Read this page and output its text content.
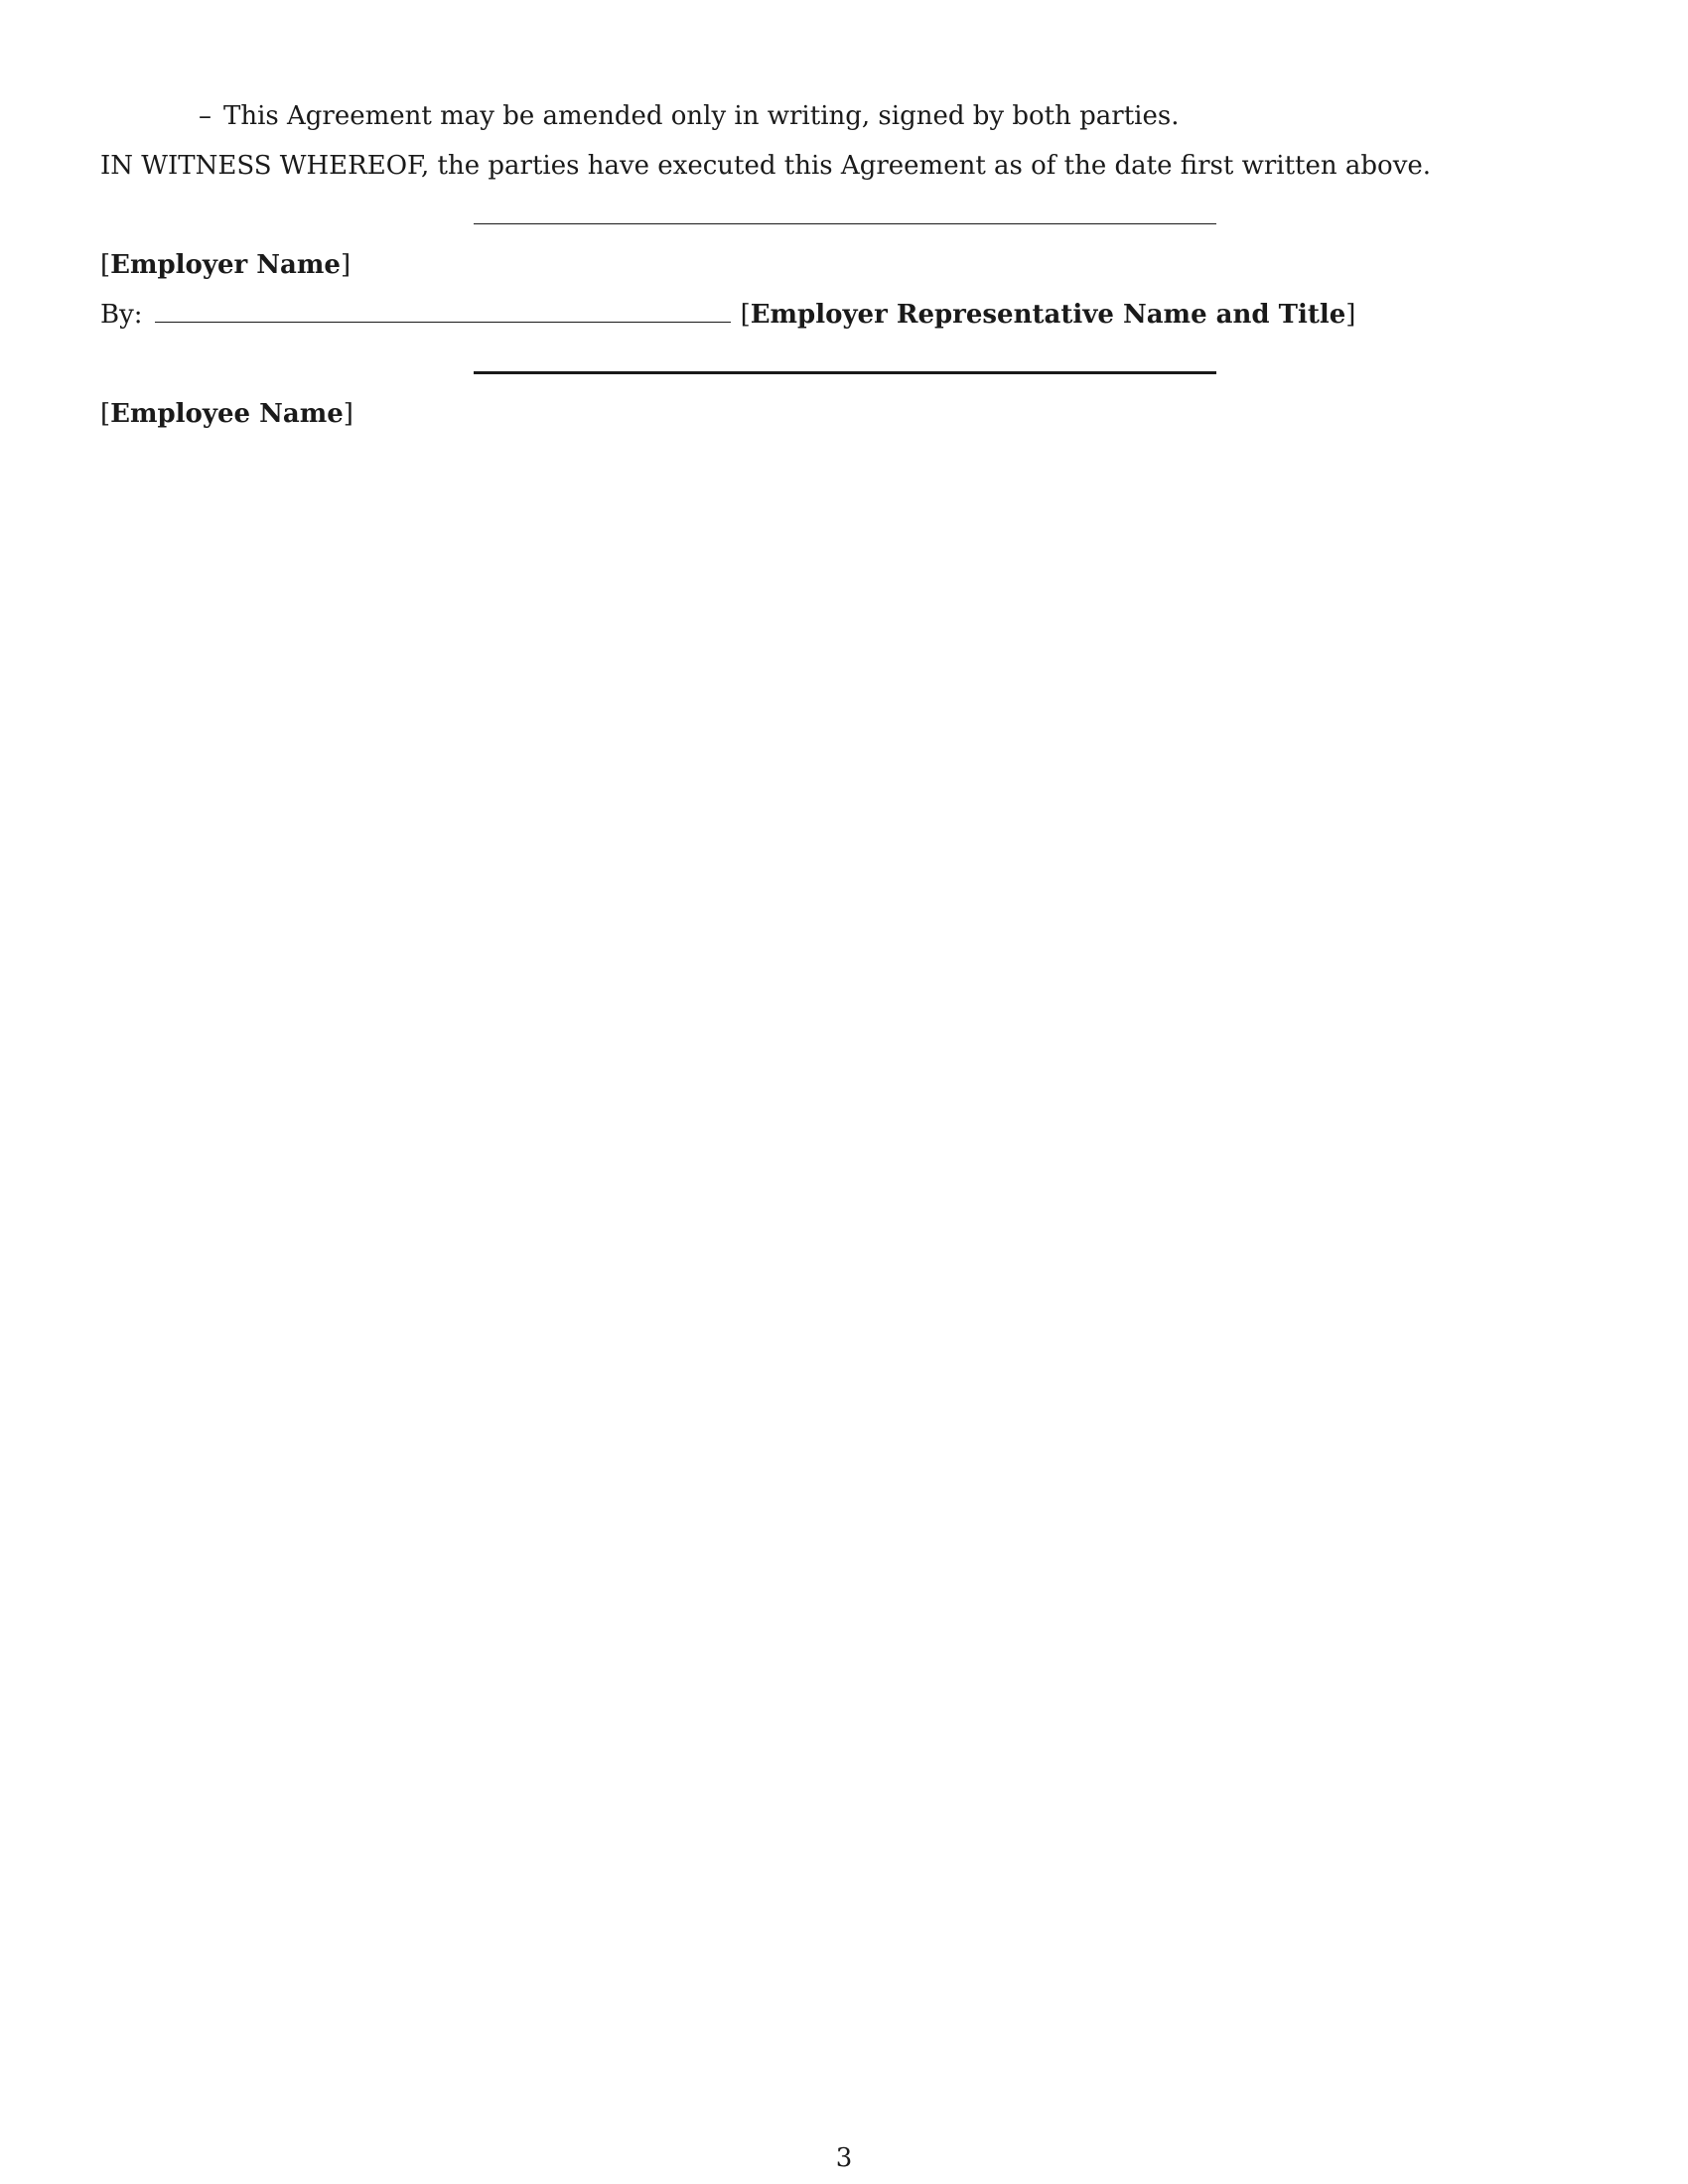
– This Agreement may be amended only in writing, signed by both parties.
IN WITNESS WHEREOF, the parties have executed this Agreement as of the date first written above.
[Employer Name]
By:	[Employer Representative Name and Title]
[Employee Name]
3
